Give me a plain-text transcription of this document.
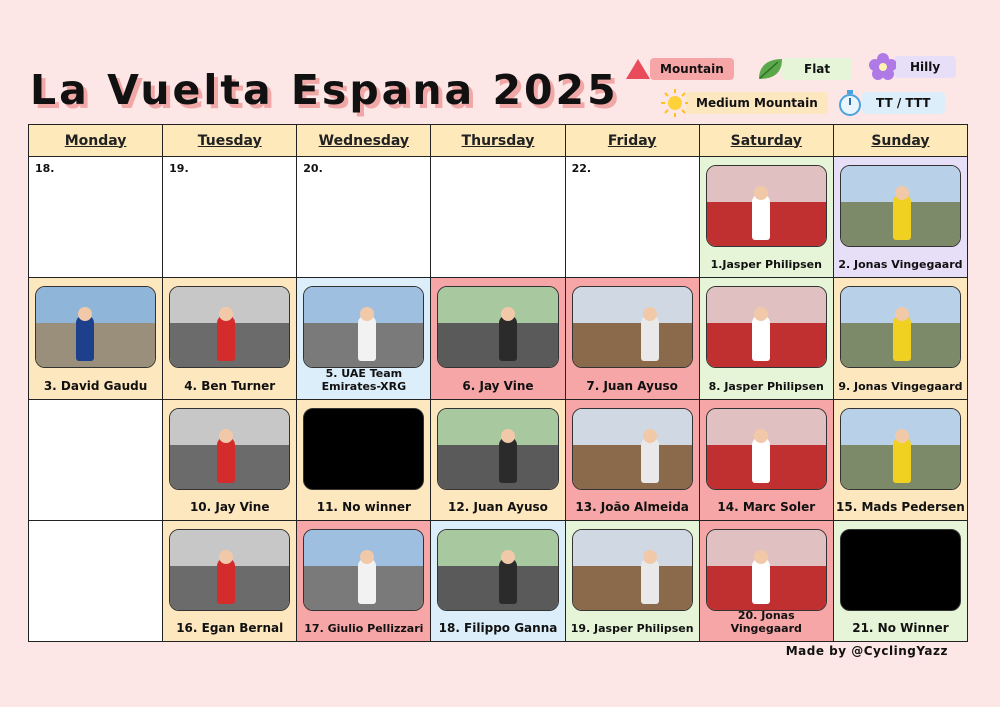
La Vuelta Espana 2025	Mountain	Flat	Hilly
Medium Mountain	TT / TTT
Monday	Tuesday	Wednesday	Thursday	Friday	Saturday	Sunday

18.	19.	20.		22.	1.Jasper Philipsen	2. Jonas Vingegaard

3. David Gaudu	4. Ben Turner	5. UAE Team Emirates-XRG	6. Jay Vine	7. Juan Ayuso	8. Jasper Philipsen	9. Jonas Vingegaard

	10. Jay Vine	11. No winner	12. Juan Ayuso	13. João Almeida	14. Marc Soler	15. Mads Pedersen

	16. Egan Bernal	17. Giulio Pellizzari	18. Filippo Ganna	19. Jasper Philipsen	20. Jonas Vingegaard	21. No Winner
Made by @CyclingYazz
